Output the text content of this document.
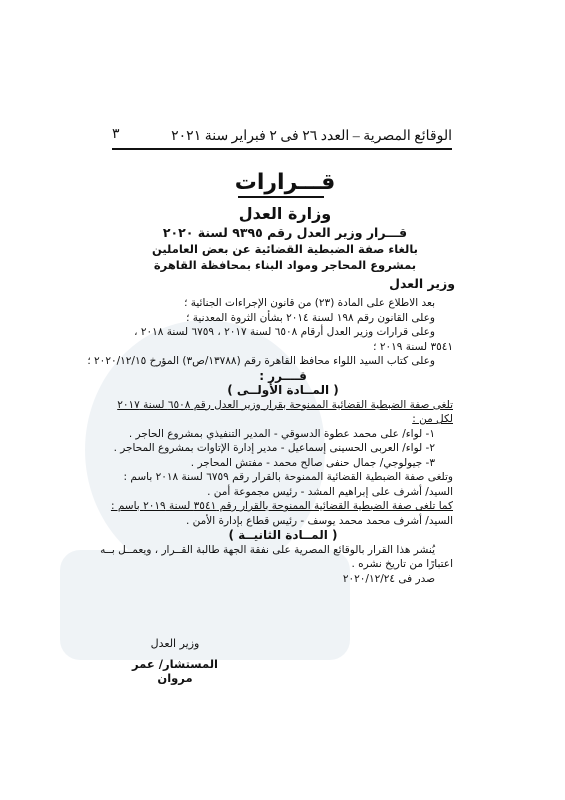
الوقائع المصرية – العدد ٢٦ فى ٢ فبراير سنة ٢٠٢١
٣
قـــرارات
وزارة العدل
قـــرار وزير العدل رقم ٩٣٩٥ لسنة ٢٠٢٠
بالغاء صفة الضبطية القضائية عن بعض العاملين
بمشروع المحاجر ومواد البناء بمحافظة القاهرة
وزير العدل

بعد الاطلاع على المادة (٢٣) من قانون الإجراءات الجنائية ؛

وعلى القانون رقم ١٩٨ لسنة ٢٠١٤ بشأن الثروة المعدنية ؛

وعلى قرارات وزير العدل أرقام ٦٥٠٨ لسنة ٢٠١٧ ، ٦٧٥٩ لسنة ٢٠١٨ ،

٣٥٤١ لسنة ٢٠١٩ ؛

وعلى كتاب السيد اللواء محافظ القاهرة رقم (١٣٧٨٨/ص٣) المؤرخ ٢٠٢٠/١٢/١٥ ؛

قــــرر :

( المــادة الأولــى )

تلغى صفة الضبطية القضائية الممنوحة بقرار وزير العدل رقم ٦٥٠٨ لسنة ٢٠١٧

لكل من :

١- لواء/ على محمد عطوة الدسوقي - المدير التنفيذي بمشروع الحاجر .

٢- لواء/ العربى الحسينى إسماعيل - مدير إدارة الإتاوات بمشروع المحاجر .

٣- جيولوجي/ جمال حنفى صالح محمد - مفتش المحاجر .

وتلغى صفة الضبطية القضائية الممنوحة بالقرار رقم ٦٧٥٩ لسنة ٢٠١٨ باسم :

السيد/ أشرف على إبراهيم المشد - رئيس مجموعة أمن .

كما تلغى صفة الضبطية القضائية الممنوحة بالقرار رقم ٣٥٤١ لسنة ٢٠١٩ باسم :

السيد/ أشرف محمد محمد يوسف - رئيس قطاع بإدارة الأمن .

( المــادة الثانيــة )

يُنشر هذا القرار بالوقائع المصرية على نفقة الجهة طالبة القــرار ، ويعمــل بــه

اعتبارًا من تاريخ نشره .

صدر فى ٢٠٢٠/١٢/٢٤

وزير العدل
المستشار/ عمر مروان
